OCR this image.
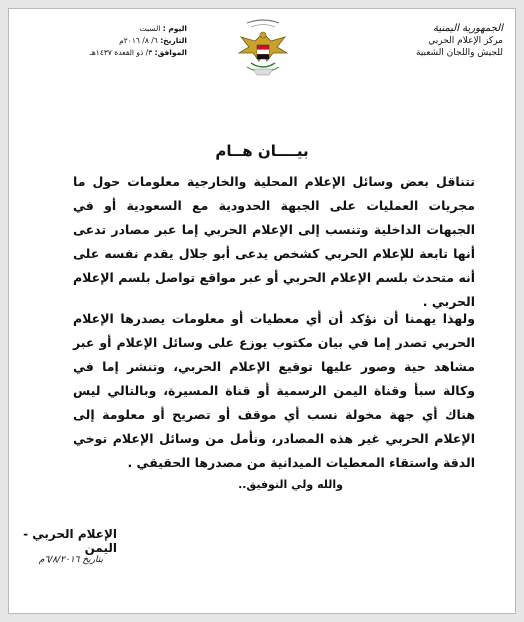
الجمهورية اليمنية
مركز الإعلام الحربي
للجيش واللجان الشعبية
اليوم : السبت
التاريخ: ٦/ ٨/ ٢٠١٦م
الموافق: ٣/ ذو القعدة ١٤٣٧هـ
بيــــان هــام
تتناقل بعض وسائل الإعلام المحلية والخارجية معلومات حول ما مجريات العمليات على الجبهة الحدودية مع السعودية أو في الجبهات الداخلية وتنسب إلى الإعلام الحربي إما عبر مصادر تدعى أنها تابعة للإعلام الحربي كشخص يدعى أبو جلال يقدم نفسه على أنه متحدث بلسم الإعلام الحربي أو عبر مواقع تواصل بلسم الإعلام الحربي .
ولهذا يهمنا أن نؤكد أن أي معطيات أو معلومات يصدرها الإعلام الحربي تصدر إما في بيان مكتوب يوزع على وسائل الإعلام أو عبر مشاهد حية وصور عليها توقيع الإعلام الحربي، وتنشر إما في وكالة سبأ وقناة اليمن الرسمية أو قناة المسيرة، وبالتالي ليس هناك أي جهة مخولة نسب أي موقف أو تصريح أو معلومة إلى الإعلام الحربي غير هذه المصادر، ونأمل من وسائل الإعلام توخي الدقة واستقاء المعطيات الميدانية من مصدرها الحقيقي .
والله ولي التوفيق..
الإعلام الحربي - اليمن
بتاريخ ٦/٨/٢٠١٦م
